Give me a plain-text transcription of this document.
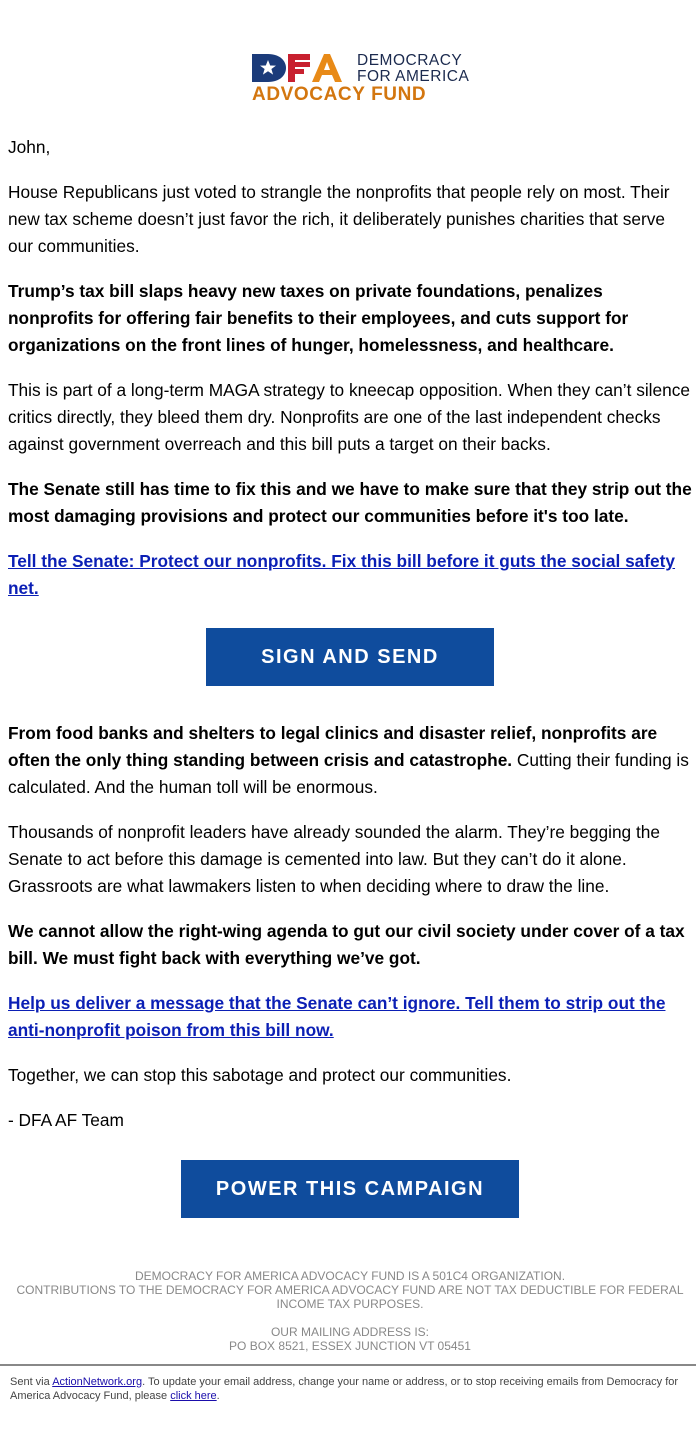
DEMOCRACY
FOR AMERICA
ADVOCACY FUND

John,

House Republicans just voted to strangle the nonprofits that people rely on most. Their new tax scheme doesn’t just favor the rich, it deliberately punishes charities that serve our communities.

Trump’s tax bill slaps heavy new taxes on private foundations, penalizes nonprofits for offering fair benefits to their employees, and cuts support for organizations on the front lines of hunger, homelessness, and healthcare.

This is part of a long-term MAGA strategy to kneecap opposition. When they can’t silence critics directly, they bleed them dry. Nonprofits are one of the last independent checks against government overreach and this bill puts a target on their backs.

The Senate still has time to fix this and we have to make sure that they strip out the most damaging provisions and protect our communities before it's too late.

Tell the Senate: Protect our nonprofits. Fix this bill before it guts the social safety net.

SIGN AND SEND

From food banks and shelters to legal clinics and disaster relief, nonprofits are often the only thing standing between crisis and catastrophe. Cutting their funding is calculated. And the human toll will be enormous.

Thousands of nonprofit leaders have already sounded the alarm. They’re begging the Senate to act before this damage is cemented into law. But they can’t do it alone. Grassroots are what lawmakers listen to when deciding where to draw the line.

We cannot allow the right-wing agenda to gut our civil society under cover of a tax bill. We must fight back with everything we’ve got.

Help us deliver a message that the Senate can’t ignore. Tell them to strip out the anti-nonprofit poison from this bill now.

Together, we can stop this sabotage and protect our communities.

- DFA AF Team

POWER THIS CAMPAIGN

DEMOCRACY FOR AMERICA ADVOCACY FUND IS A 501C4 ORGANIZATION.
CONTRIBUTIONS TO THE DEMOCRACY FOR AMERICA ADVOCACY FUND ARE NOT TAX DEDUCTIBLE FOR FEDERAL INCOME TAX PURPOSES.

OUR MAILING ADDRESS IS:
PO BOX 8521, ESSEX JUNCTION VT 05451

Sent via ActionNetwork.org. To update your email address, change your name or address, or to stop receiving emails from Democracy for America Advocacy Fund, please click here.
